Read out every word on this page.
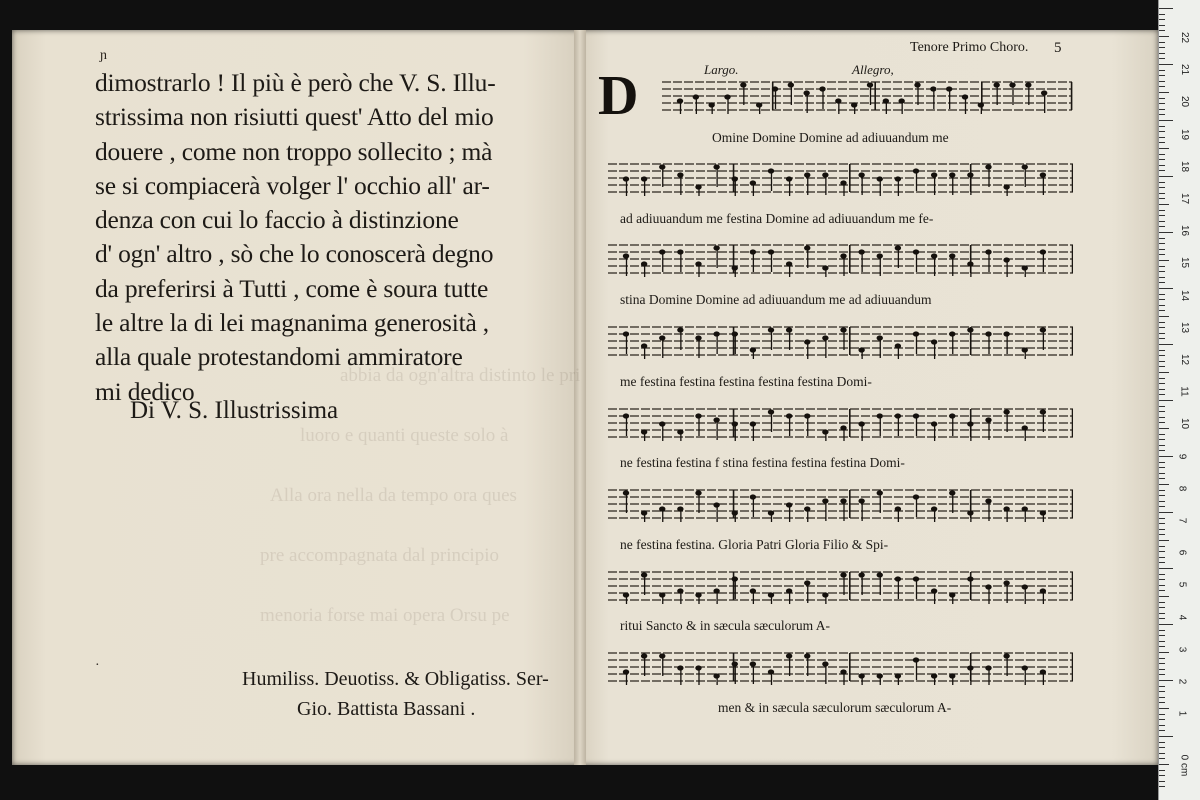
abbia da ogn'altra distinto le pri
luoro e quanti queste solo à
Alla ora nella da tempo ora ques
pre accompagnata dal principio
menoria forse mai opera Orsu pe
ɲ
·
dimostrarlo ! Il più è però che V. S. Illu-
strissima non risiutti quest' Atto del mio
douere , come non troppo sollecito ; mà
se si compiacerà volger l' occhio all' ar-
denza con cui lo faccio à distinzione
d' ogn' altro , sò che lo conoscerà degno
da preferirsi à Tutti , come è soura tutte
le altre la di lei magnanima generosità ,
alla quale protestandomi ammiratore
mi dedico
Di V. S. Illustrissima
Humiliss. Deuotiss. & Obligatiss. Ser-
Gio. Battista Bassani .
Tenore Primo Choro. 5
D	Largo.	Allegro,
Omine Domine Domine ad adiuuandum me
ad adiuuandum me festina Domine ad adiuuandum me fe-
stina Domine Domine ad adiuuandum me ad adiuuandum
me festina festina festina festina festina Domi-
ne festina festina f stina festina festina festina Domi-
ne festina festina. Gloria Patri Gloria Filio & Spi-
ritui Sancto & in sæcula sæculorum A-
men & in sæcula sæculorum sæculorum A-
22
21
20
19
18
17
16
15
14
13
12
11
10
9
8
7
6
5
4
3
2
1
0 cm
